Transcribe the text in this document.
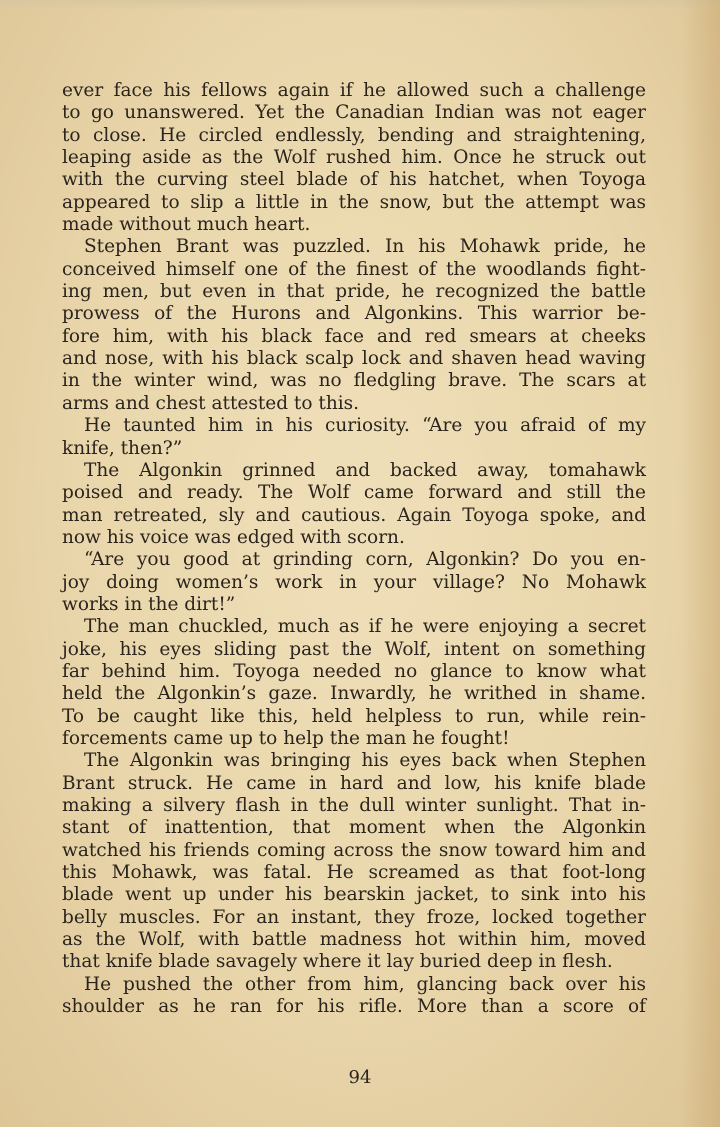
ever face his fellows again if he allowed such a challenge

to go unanswered. Yet the Canadian Indian was not eager

to close. He circled endlessly, bending and straightening,

leaping aside as the Wolf rushed him. Once he struck out

with the curving steel blade of his hatchet, when Toyoga

appeared to slip a little in the snow, but the attempt was

made without much heart.

Stephen Brant was puzzled. In his Mohawk pride, he

conceived himself one of the finest of the woodlands fight-

ing men, but even in that pride, he recognized the battle

prowess of the Hurons and Algonkins. This warrior be-

fore him, with his black face and red smears at cheeks

and nose, with his black scalp lock and shaven head waving

in the winter wind, was no fledgling brave. The scars at

arms and chest attested to this.

He taunted him in his curiosity. “Are you afraid of my

knife, then?”

The Algonkin grinned and backed away, tomahawk

poised and ready. The Wolf came forward and still the

man retreated, sly and cautious. Again Toyoga spoke, and

now his voice was edged with scorn.

“Are you good at grinding corn, Algonkin? Do you en-

joy doing women’s work in your village? No Mohawk

works in the dirt!”

The man chuckled, much as if he were enjoying a secret

joke, his eyes sliding past the Wolf, intent on something

far behind him. Toyoga needed no glance to know what

held the Algonkin’s gaze. Inwardly, he writhed in shame.

To be caught like this, held helpless to run, while rein-

forcements came up to help the man he fought!

The Algonkin was bringing his eyes back when Stephen

Brant struck. He came in hard and low, his knife blade

making a silvery flash in the dull winter sunlight. That in-

stant of inattention, that moment when the Algonkin

watched his friends coming across the snow toward him and

this Mohawk, was fatal. He screamed as that foot-long

blade went up under his bearskin jacket, to sink into his

belly muscles. For an instant, they froze, locked together

as the Wolf, with battle madness hot within him, moved

that knife blade savagely where it lay buried deep in flesh.

He pushed the other from him, glancing back over his

shoulder as he ran for his rifle. More than a score of

94
